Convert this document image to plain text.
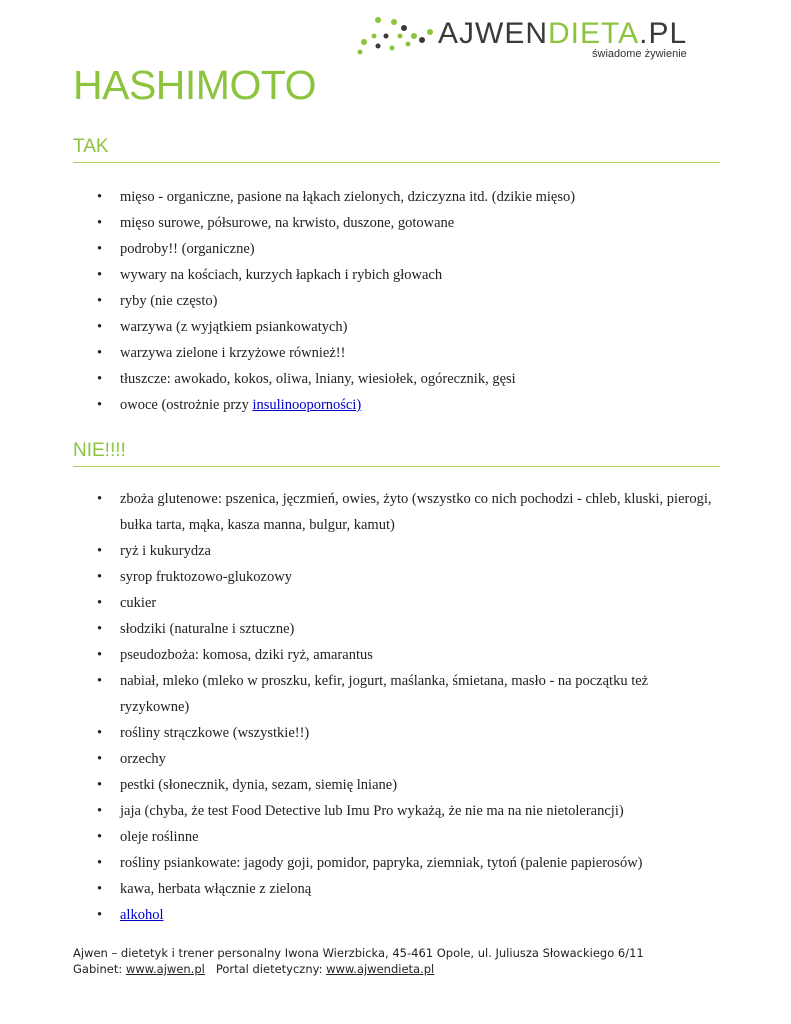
AJWENDIETA.PL
świadome żywienie
HASHIMOTO
TAK
• mięso - organiczne, pasione na łąkach zielonych, dziczyzna itd. (dzikie mięso)
• mięso surowe, półsurowe, na krwisto, duszone, gotowane
• podroby!! (organiczne)
• wywary na kościach, kurzych łapkach i rybich głowach
• ryby (nie często)
• warzywa (z wyjątkiem psiankowatych)
• warzywa zielone i krzyżowe również!!
• tłuszcze: awokado, kokos, oliwa, lniany, wiesiołek, ogórecznik, gęsi
• owoce (ostrożnie przy insulinooporności)
NIE!!!!
• zboża glutenowe: pszenica, jęczmień, owies, żyto (wszystko co nich pochodzi - chleb, kluski, pierogi, bułka tarta, mąka, kasza manna, bulgur, kamut)
• ryż i kukurydza
• syrop fruktozowo-glukozowy
• cukier
• słodziki (naturalne i sztuczne)
• pseudozboża: komosa, dziki ryż, amarantus
• nabiał, mleko (mleko w proszku, kefir, jogurt, maślanka, śmietana, masło - na początku też ryzykowne)
• rośliny strączkowe (wszystkie!!)
• orzechy
• pestki (słonecznik, dynia, sezam, siemię lniane)
• jaja (chyba, że test Food Detective lub Imu Pro wykażą, że nie ma na nie nietolerancji)
• oleje roślinne
• rośliny psiankowate: jagody goji, pomidor, papryka, ziemniak, tytoń (palenie papierosów)
• kawa, herbata włącznie z zieloną
• alkohol
Ajwen – dietetyk i trener personalny Iwona Wierzbicka, 45-461 Opole, ul. Juliusza Słowackiego 6/11
Gabinet: www.ajwen.pl Portal dietetyczny: www.ajwendieta.pl
